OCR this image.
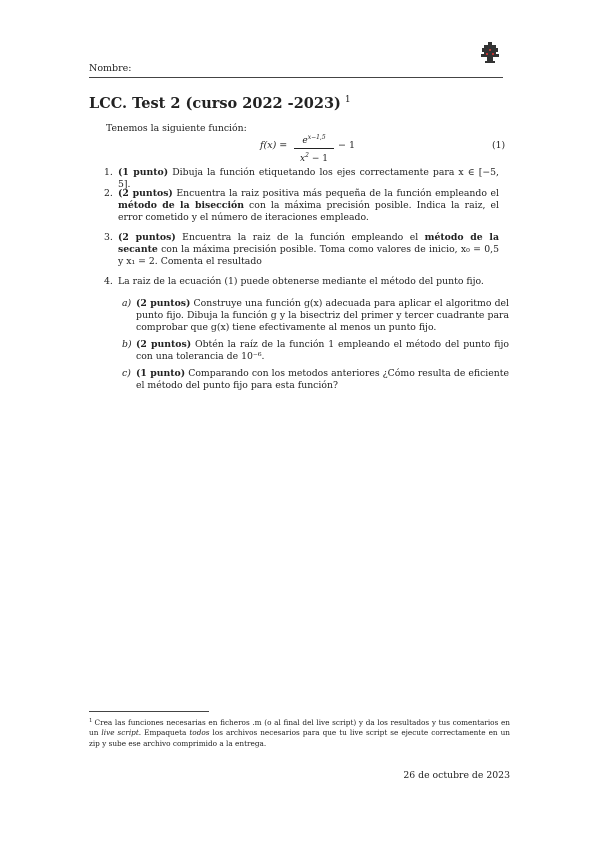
Nombre:
LCC. Test 2 (curso 2022 -2023) $^1$
Tenemos la siguiente función:
f(x) =	$e^{x-1,5}$
$x^2 - 1$
− 1	(1)
1. (1 punto) Dibuja la función etiquetando los ejes correctamente para x ∈ [−5, 5].
2. (2 puntos) Encuentra la raiz positiva más pequeña de la función empleando el método de la bisección con la máxima precisión posible. Indica la raiz, el error cometido y el número de iteraciones empleado.
3. (2 puntos) Encuentra la raiz de la función empleando el método de la secante con la máxima precisión posible. Toma como valores de inicio, x₀ = 0,5 y x₁ = 2. Comenta el resultado
4. La raiz de la ecuación (1) puede obtenerse mediante el método del punto fijo.
a) (2 puntos) Construye una función g(x) adecuada para aplicar el algoritmo del punto fijo. Dibuja la función g y la bisectriz del primer y tercer cuadrante para comprobar que g(x) tiene efectivamente al menos un punto fijo.
b) (2 puntos) Obtén la raíz de la función 1 empleando el método del punto fijo con una tolerancia de 10⁻⁶.
c) (1 punto) Comparando con los metodos anteriores ¿Cómo resulta de eficiente el método del punto fijo para esta función?
$^1$ Crea las funciones necesarias en ficheros .m (o al final del live script) y da los resultados y tus comentarios en un live script. Empaqueta todos los archivos necesarios para que tu live script se ejecute correctamente en un zip y sube ese archivo comprimido a la entrega.
26 de octubre de 2023
